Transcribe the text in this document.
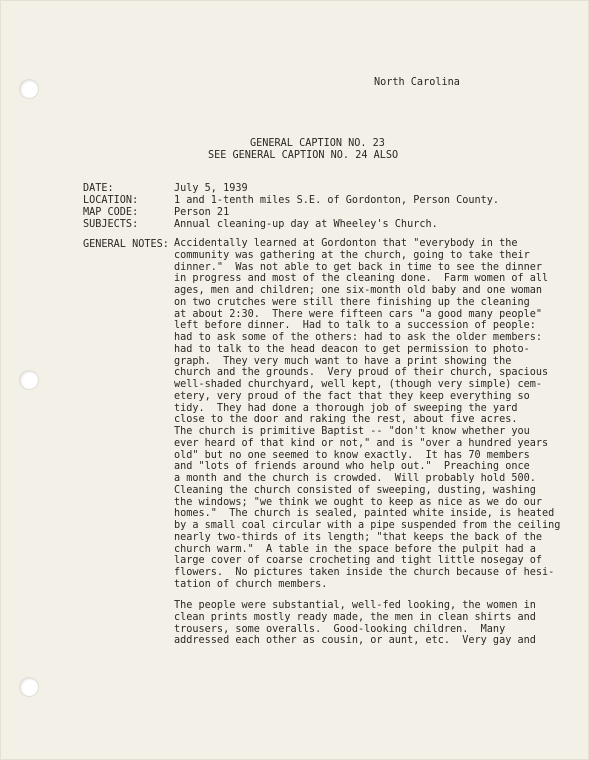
North Carolina
GENERAL CAPTION NO. 23
SEE GENERAL CAPTION NO. 24 ALSO
DATE:	July 5, 1939
LOCATION:	1 and 1-tenth miles S.E. of Gordonton, Person County.
MAP CODE:	Person 21
SUBJECTS:	Annual cleaning-up day at Wheeley's Church.
GENERAL NOTES: Accidentally learned at Gordonton that "everybody in the
community was gathering at the church, going to take their
dinner."  Was not able to get back in time to see the dinner
in progress and most of the cleaning done.  Farm women of all
ages, men and children; one six-month old baby and one woman
on two crutches were still there finishing up the cleaning
at about 2:30.  There were fifteen cars "a good many people"
left before dinner.  Had to talk to a succession of people:
had to ask some of the others: had to ask the older members:
had to talk to the head deacon to get permission to photo-
graph.  They very much want to have a print showing the
church and the grounds.  Very proud of their church, spacious
well-shaded churchyard, well kept, (though very simple) cem-
etery, very proud of the fact that they keep everything so
tidy.  They had done a thorough job of sweeping the yard
close to the door and raking the rest, about five acres.
The church is primitive Baptist -- "don't know whether you
ever heard of that kind or not," and is "over a hundred years
old" but no one seemed to know exactly.  It has 70 members
and "lots of friends around who help out."  Preaching once
a month and the church is crowded.  Will probably hold 500.
Cleaning the church consisted of sweeping, dusting, washing
the windows; "we think we ought to keep as nice as we do our
homes."  The church is sealed, painted white inside, is heated
by a small coal circular with a pipe suspended from the ceiling
nearly two-thirds of its length; "that keeps the back of the
church warm."  A table in the space before the pulpit had a
large cover of coarse crocheting and tight little nosegay of
flowers.  No pictures taken inside the church because of hesi-
tation of church members.
The people were substantial, well-fed looking, the women in
clean prints mostly ready made, the men in clean shirts and
trousers, some overalls.  Good-looking children.  Many
addressed each other as cousin, or aunt, etc.  Very gay and
